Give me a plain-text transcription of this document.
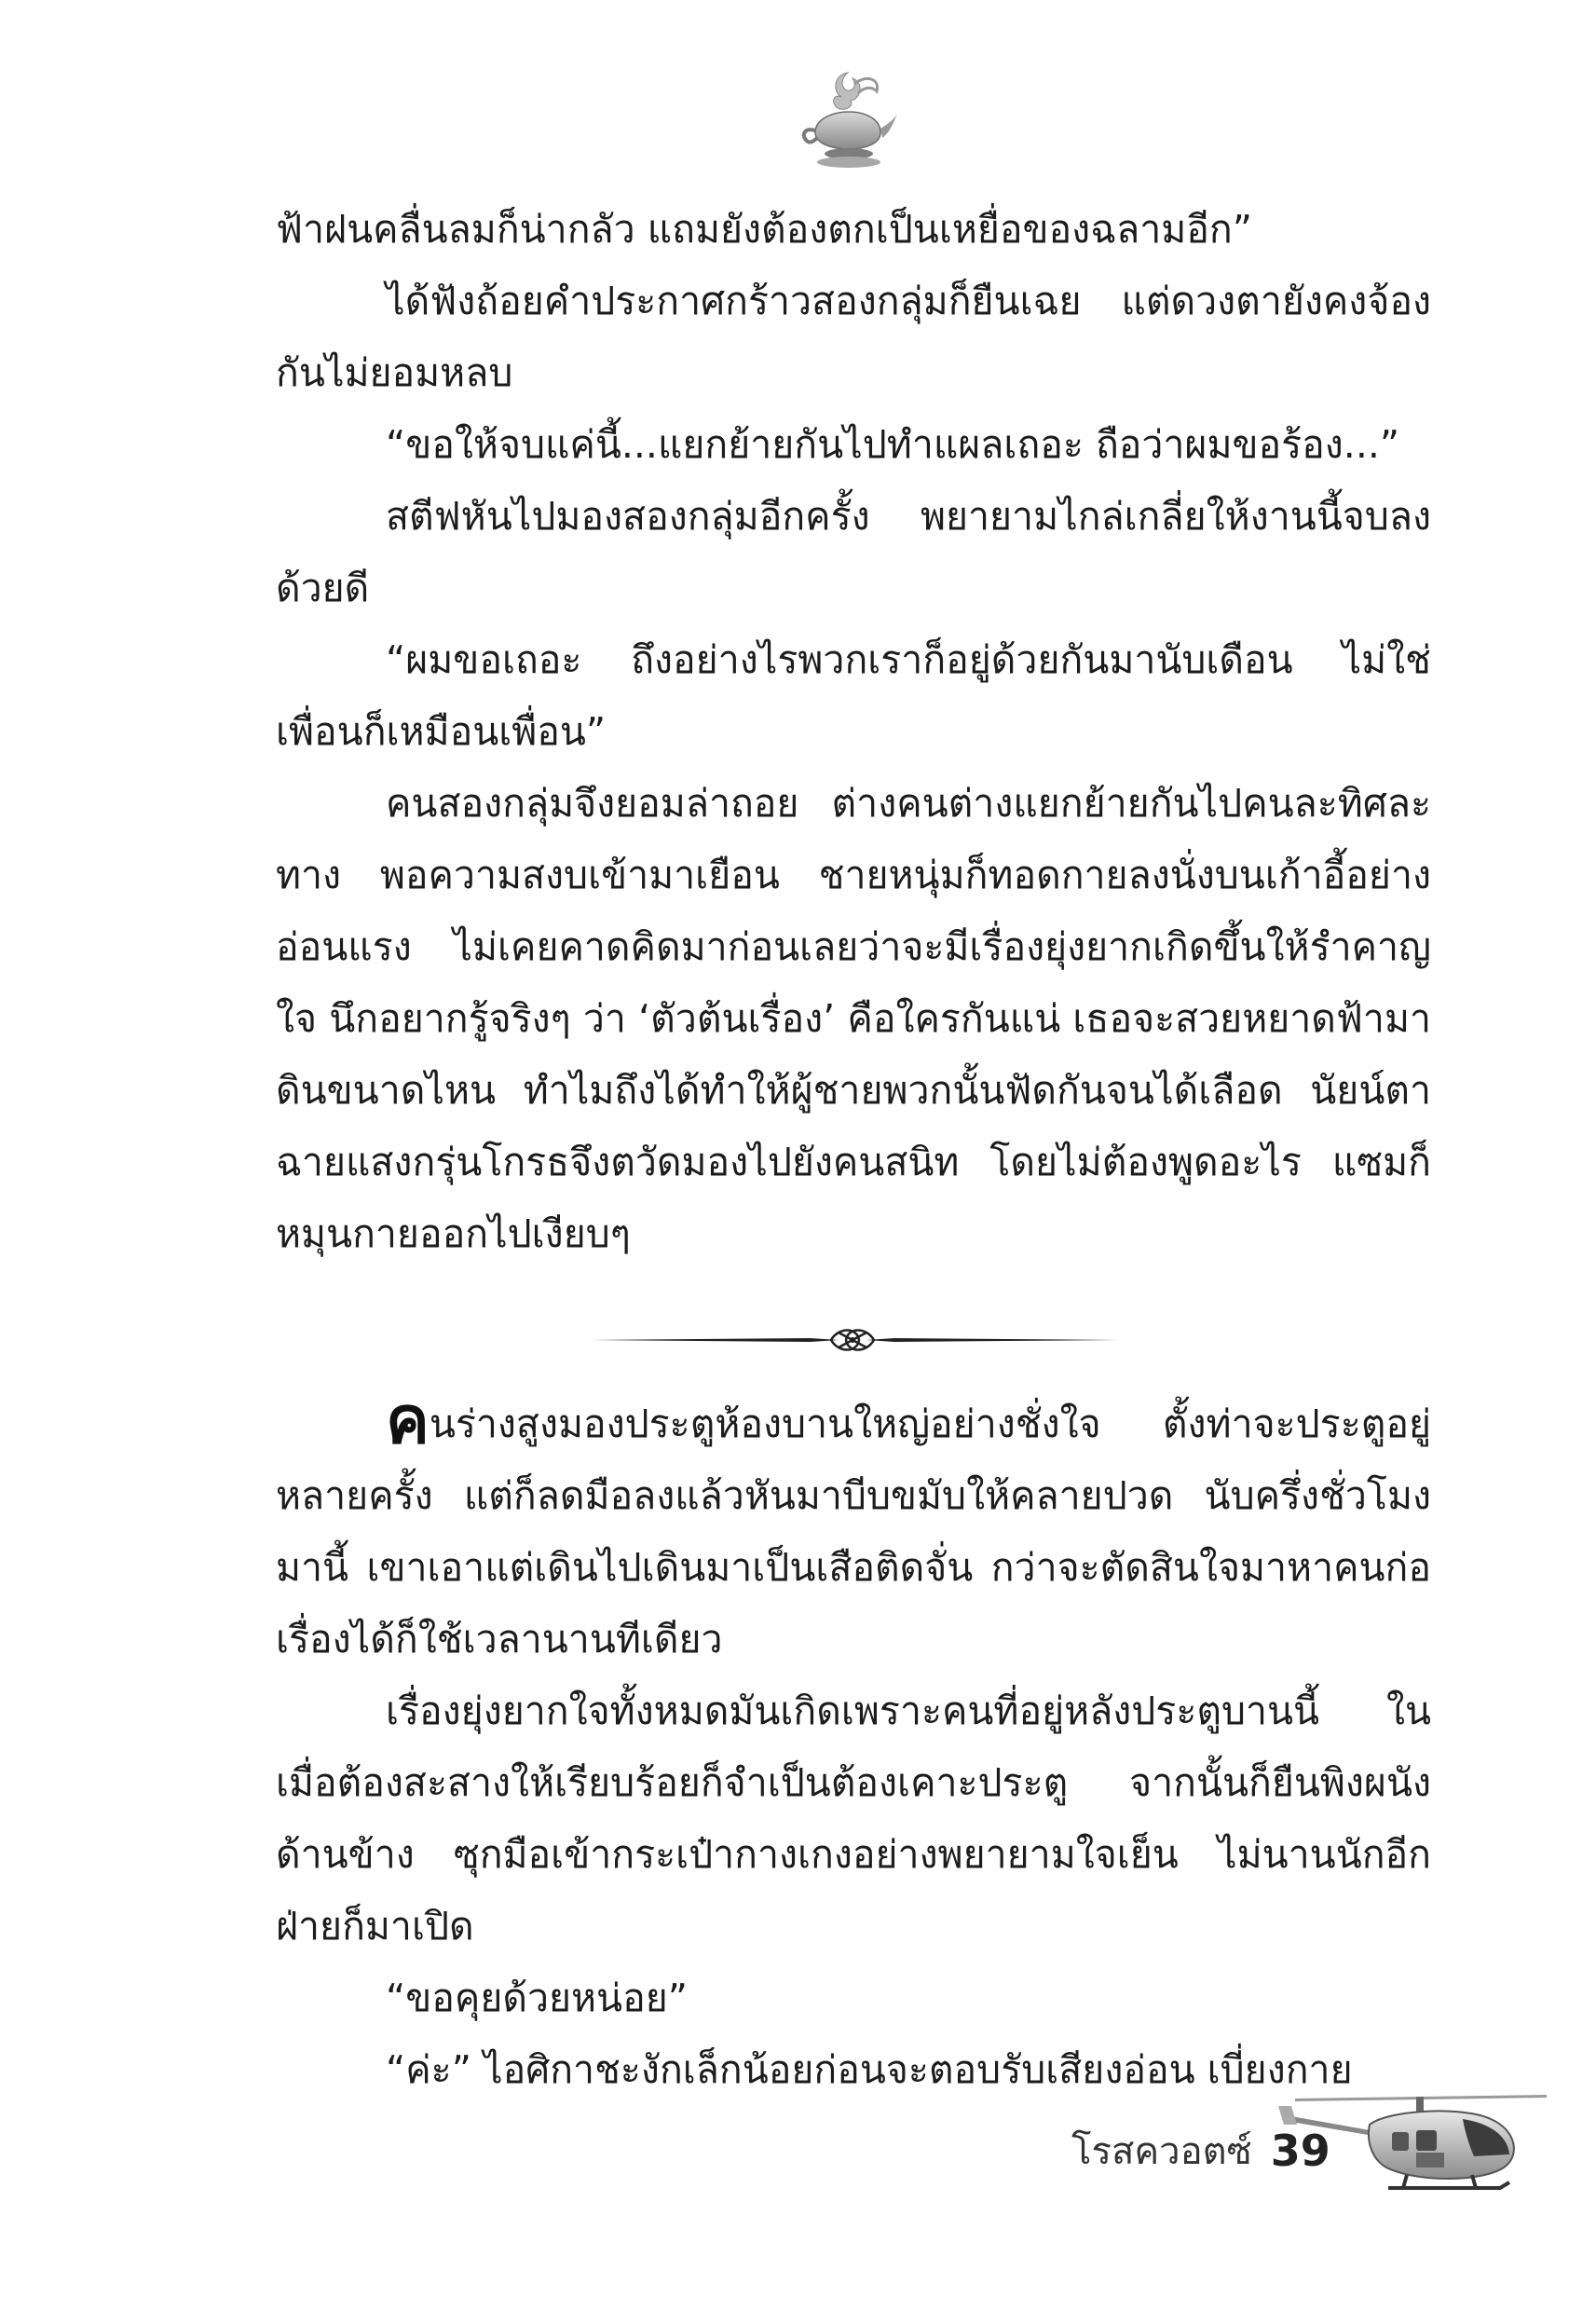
ฟ้าฝนคลื่นลมก็น่ากลัว แถมยังต้องตกเป็นเหยื่อของฉลามอีก”

ได้ฟังถ้อยคำประกาศกร้าวสองกลุ่มก็ยืนเฉย แต่ดวงตายังคงจ้องกันไม่ยอมหลบ

“ขอให้จบแค่นี้...แยกย้ายกันไปทำแผลเถอะ ถือว่าผมขอร้อง...”

สตีฟหันไปมองสองกลุ่มอีกครั้ง พยายามไกล่เกลี่ยให้งานนี้จบลงด้วยดี

“ผมขอเถอะ ถึงอย่างไรพวกเราก็อยู่ด้วยกันมานับเดือน ไม่ใช่เพื่อนก็เหมือนเพื่อน”

คนสองกลุ่มจึงยอมล่าถอย ต่างคนต่างแยกย้ายกันไปคนละทิศละทาง พอความสงบเข้ามาเยือน ชายหนุ่มก็ทอดกายลงนั่งบนเก้าอี้อย่างอ่อนแรง ไม่เคยคาดคิดมาก่อนเลยว่าจะมีเรื่องยุ่งยากเกิดขึ้นให้รำคาญใจ นึกอยากรู้จริงๆ ว่า ‘ตัวต้นเรื่อง’ คือใครกันแน่ เธอจะสวยหยาดฟ้ามาดินขนาดไหน ทำไมถึงได้ทำให้ผู้ชายพวกนั้นฟัดกันจนได้เลือด นัยน์ตาฉายแสงกรุ่นโกรธจึงตวัดมองไปยังคนสนิท โดยไม่ต้องพูดอะไร แซมก็หมุนกายออกไปเงียบๆ

คนร่างสูงมองประตูห้องบานใหญ่อย่างชั่งใจ ตั้งท่าจะประตูอยู่หลายครั้ง แต่ก็ลดมือลงแล้วหันมาบีบขมับให้คลายปวด นับครึ่งชั่วโมงมานี้ เขาเอาแต่เดินไปเดินมาเป็นเสือติดจั่น กว่าจะตัดสินใจมาหาคนก่อเรื่องได้ก็ใช้เวลานานทีเดียว

เรื่องยุ่งยากใจทั้งหมดมันเกิดเพราะคนที่อยู่หลังประตูบานนี้ ในเมื่อต้องสะสางให้เรียบร้อยก็จำเป็นต้องเคาะประตู จากนั้นก็ยืนพิงผนังด้านข้าง ซุกมือเข้ากระเป๋ากางเกงอย่างพยายามใจเย็น ไม่นานนักอีกฝ่ายก็มาเปิด

“ขอคุยด้วยหน่อย”

“ค่ะ” ไอศิกาชะงักเล็กน้อยก่อนจะตอบรับเสียงอ่อน เบี่ยงกาย

โรสควอตซ์ 39
